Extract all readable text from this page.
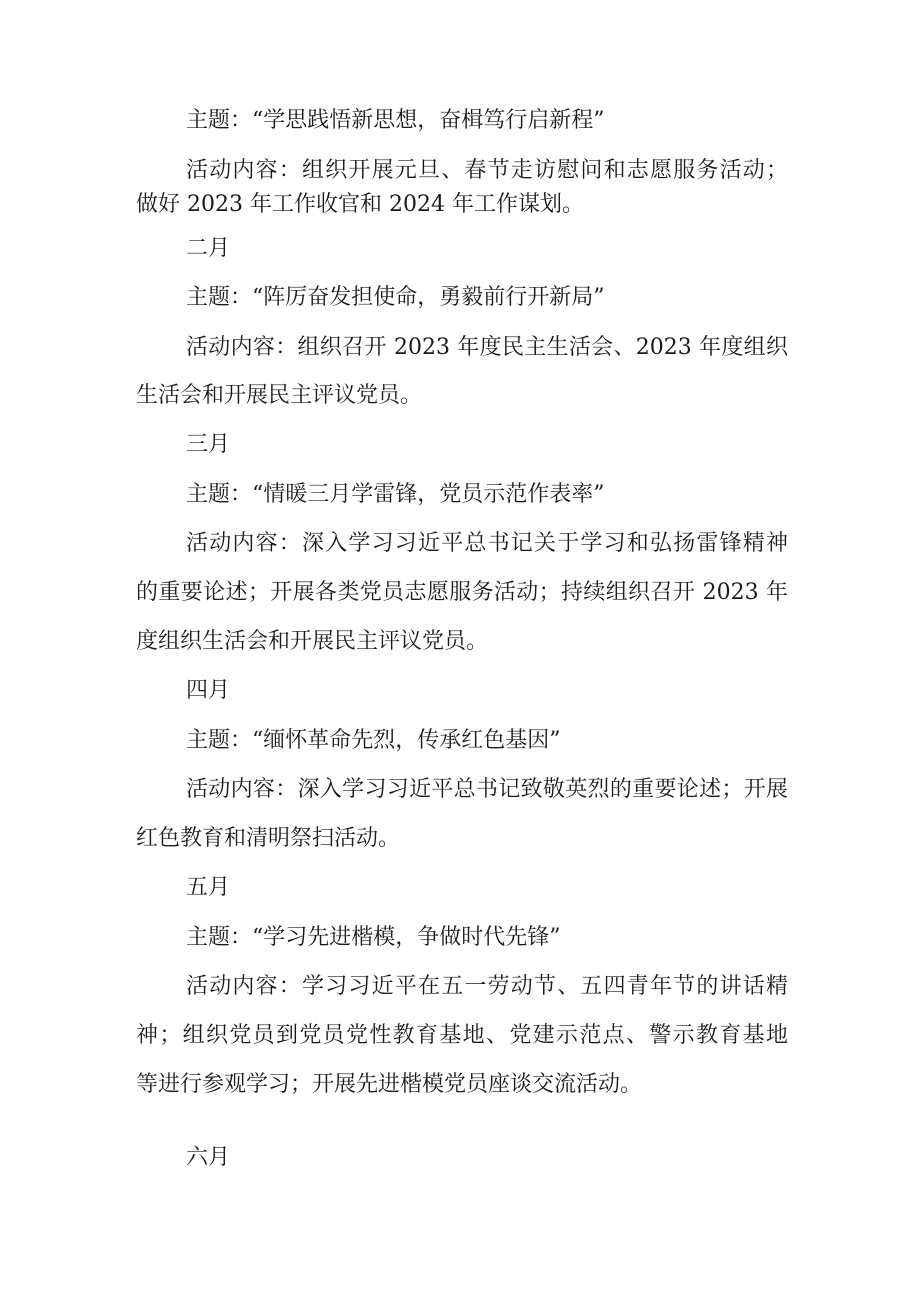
主题：“学思践悟新思想，奋楫笃行启新程”
活动内容：组织开展元旦、春节走访慰问和志愿服务活动；
做好 2023 年工作收官和 2024 年工作谋划。
二月
主题：“阵厉奋发担使命，勇毅前行开新局”
活动内容：组织召开 2023 年度民主生活会、2023 年度组织
生活会和开展民主评议党员。
三月
主题：“情暖三月学雷锋，党员示范作表率”
活动内容：深入学习习近平总书记关于学习和弘扬雷锋精神
的重要论述；开展各类党员志愿服务活动；持续组织召开 2023 年
度组织生活会和开展民主评议党员。
四月
主题：“缅怀革命先烈，传承红色基因”
活动内容：深入学习习近平总书记致敬英烈的重要论述；开展
红色教育和清明祭扫活动。
五月
主题：“学习先进楷模，争做时代先锋”
活动内容：学习习近平在五一劳动节、五四青年节的讲话精
神；组织党员到党员党性教育基地、党建示范点、警示教育基地
等进行参观学习；开展先进楷模党员座谈交流活动。
六月
